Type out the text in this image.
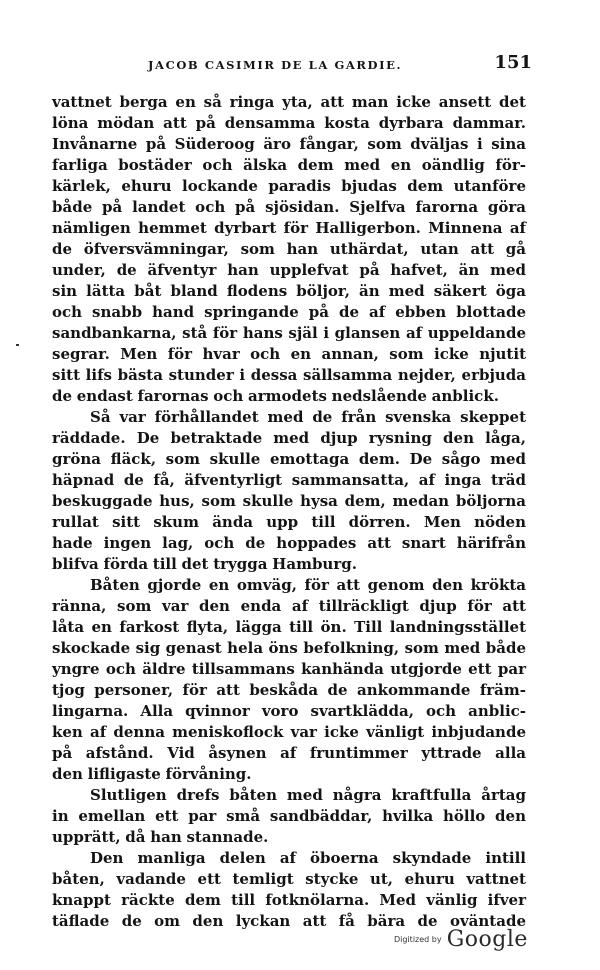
JACOB CASIMIR DE LA GARDIE.	151
vattnet berga en så ringa yta, att man icke ansett det
löna mödan att på densamma kosta dyrbara dammar.
Invånarne på Süderoog äro fångar, som dväljas i sina
farliga bostäder och älska dem med en oändlig för-
kärlek, ehuru lockande paradis bjudas dem utanföre
både på landet och på sjösidan. Sjelfva farorna göra
nämligen hemmet dyrbart för Halligerbon. Minnena af
de öfversvämningar, som han uthärdat, utan att gå
under, de äfventyr han upplefvat på hafvet, än med
sin lätta båt bland flodens böljor, än med säkert öga
och snabb hand springande på de af ebben blottade
sandbankarna, stå för hans själ i glansen af uppeldande
segrar. Men för hvar och en annan, som icke njutit
sitt lifs bästa stunder i dessa sällsamma nejder, erbjuda
de endast farornas och armodets nedslående anblick.
Så var förhållandet med de från svenska skeppet
räddade. De betraktade med djup rysning den låga,
gröna fläck, som skulle emottaga dem. De sågo med
häpnad de få, äfventyrligt sammansatta, af inga träd
beskuggade hus, som skulle hysa dem, medan böljorna
rullat sitt skum ända upp till dörren. Men nöden
hade ingen lag, och de hoppades att snart härifrån
blifva förda till det trygga Hamburg.
Båten gjorde en omväg, för att genom den krökta
ränna, som var den enda af tillräckligt djup för att
låta en farkost flyta, lägga till ön. Till landningsstället
skockade sig genast hela öns befolkning, som med både
yngre och äldre tillsammans kanhända utgjorde ett par
tjog personer, för att beskåda de ankommande främ-
lingarna. Alla qvinnor voro svartklädda, och anblic-
ken af denna meniskoflock var icke vänligt inbjudande
på afstånd. Vid åsynen af fruntimmer yttrade alla
den lifligaste förvåning.
Slutligen drefs båten med några kraftfulla årtag
in emellan ett par små sandbäddar, hvilka höllo den
upprätt, då han stannade.
Den manliga delen af öboerna skyndade intill
båten, vadande ett temligt stycke ut, ehuru vattnet
knappt räckte dem till fotknölarna. Med vänlig ifver
täflade de om den lyckan att få bära de oväntade
Digitized by Google
